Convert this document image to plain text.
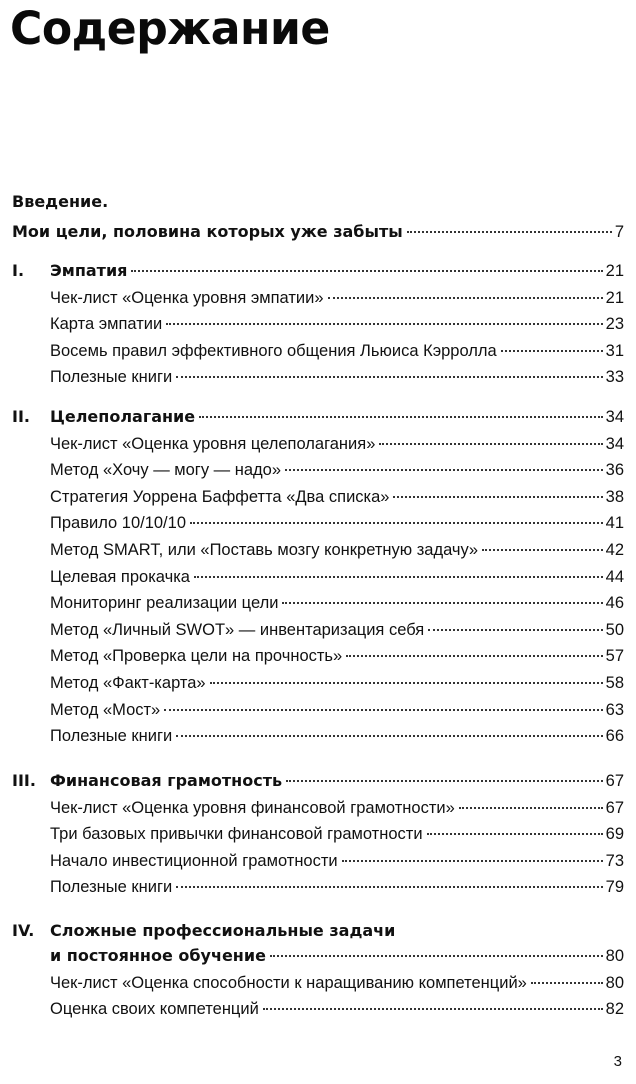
Содержание
Введение.
Мои цели, половина которых уже забыты	7
I. Эмпатия	21
Чек-лист «Оценка уровня эмпатии»	21
Карта эмпатии	23
Восемь правил эффективного общения Льюиса Кэрролла	31
Полезные книги	33
II. Целеполагание	34
Чек-лист «Оценка уровня целеполагания»	34
Метод «Хочу — могу — надо»	36
Стратегия Уоррена Баффетта «Два списка»	38
Правило 10/10/10	41
Метод SMART, или «Поставь мозгу конкретную задачу»	42
Целевая прокачка	44
Мониторинг реализации цели	46
Метод «Личный SWOT» — инвентаризация себя	50
Метод «Проверка цели на прочность»	57
Метод «Факт-карта»	58
Метод «Мост»	63
Полезные книги	66
III. Финансовая грамотность	67
Чек-лист «Оценка уровня финансовой грамотности»	67
Три базовых привычки финансовой грамотности	69
Начало инвестиционной грамотности	73
Полезные книги	79
IV. Сложные профессиональные задачи
и постоянное обучение	80
Чек-лист «Оценка способности к наращиванию компетенций»	80
Оценка своих компетенций	82
3
